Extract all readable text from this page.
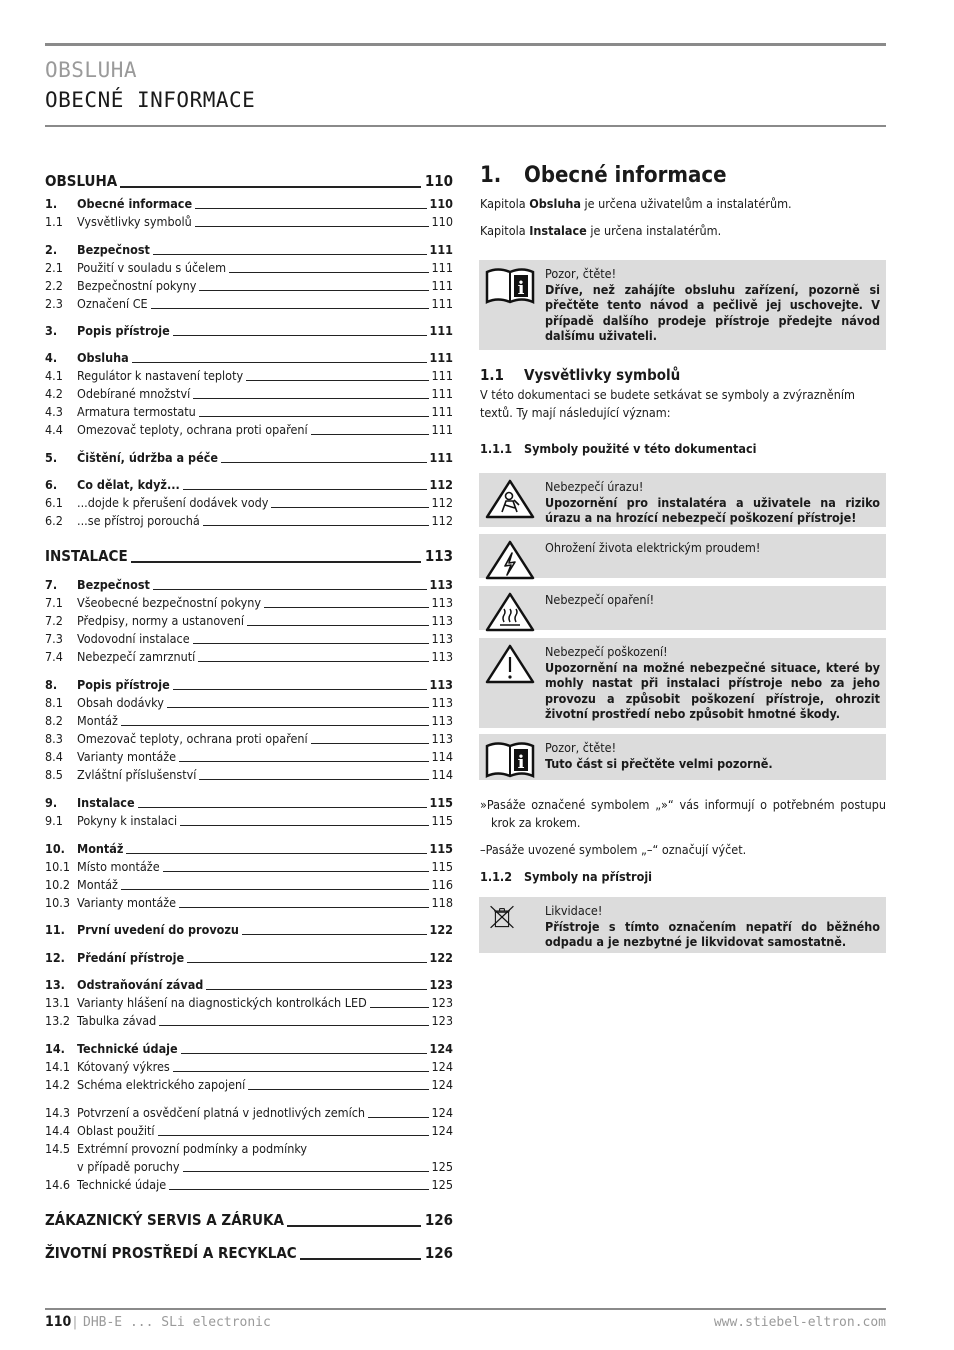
OBSLUHA
OBECNÉ INFORMACE
OBSLUHA	110
1.	Obecné informace	110
1.1	Vysvětlivky symbolů	110
2.	Bezpečnost	111
2.1	Použití v souladu s účelem	111
2.2	Bezpečnostní pokyny	111
2.3	Označení CE	111
3.	Popis přístroje	111
4.	Obsluha	111
4.1	Regulátor k nastavení teploty	111
4.2	Odebírané množství	111
4.3	Armatura termostatu	111
4.4	Omezovač teploty, ochrana proti opaření	111
5.	Čištění, údržba a péče	111
6.	Co dělat, když...	112
6.1	...dojde k přerušení dodávek vody	112
6.2	...se přístroj porouchá	112
INSTALACE	113
7.	Bezpečnost	113
7.1	Všeobecné bezpečnostní pokyny	113
7.2	Předpisy, normy a ustanovení	113
7.3	Vodovodní instalace	113
7.4	Nebezpečí zamrznutí	113
8.	Popis přístroje	113
8.1	Obsah dodávky	113
8.2	Montáž	113
8.3	Omezovač teploty, ochrana proti opaření	113
8.4	Varianty montáže	114
8.5	Zvláštní příslušenství	114
9.	Instalace	115
9.1	Pokyny k instalaci	115
10. Montáž	115
10.1 Místo montáže	115
10.2 Montáž	116
10.3 Varianty montáže	118
11. První uvedení do provozu	122
12. Předání přístroje	122
13. Odstraňování závad	123
13.1 Varianty hlášení na diagnostických kontrolkách LED	123
13.2 Tabulka závad	123
14. Technické údaje	124
14.1 Kótovaný výkres	124
14.2 Schéma elektrického zapojení	124
14.3 Potvrzení a osvědčení platná v jednotlivých zemích	124
14.4 Oblast použití	124
14.5 Extrémní provozní podmínky a podmínky
v případě poruchy	125
14.6 Technické údaje	125
ZÁKAZNICKÝ SERVIS A ZÁRUKA	126
ŽIVOTNÍ PROSTŘEDÍ A RECYKLAC	126
1. Obecné informace
Kapitola Obsluha je určena uživatelům a instalatérům.
Kapitola Instalace je určena instalatérům.
i
Pozor, čtěte!
Dříve, než zahájíte obsluhu zařízení, pozorně si přečtěte tento návod a pečlivě jej uschovejte. V případě dalšího prodeje přístroje předejte návod dalšímu uživateli.
1.1 Vysvětlivky symbolů
V této dokumentaci se budete setkávat se symboly a zvýrazněním textů. Ty mají následující význam:
1.1.1 Symboly použité v této dokumentaci
Nebezpečí úrazu!
Upozornění pro instalatéra a uživatele na riziko úrazu a na hrozící nebezpečí poškození přístroje!
Ohrožení života elektrickým proudem!
Nebezpečí opaření!
Nebezpečí poškození!
Upozornění na možné nebezpečné situace, které by mohly nastat při instalaci přístroje nebo za jeho provozu a způsobit poškození přístroje, ohrozit životní prostředí nebo způsobit hmotné škody.
i
Pozor, čtěte!
Tuto část si přečtěte velmi pozorně.
»Pasáže označené symbolem „»“ vás informují o potřebném postupu krok za krokem.
–Pasáže uvozené symbolem „–“ označují výčet.
1.1.2 Symboly na přístroji
Likvidace!
Přístroje s tímto označením nepatří do běžného odpadu a je nezbytné je likvidovat samostatně.
110 | DHB-E ... SLi electronic	www.stiebel-eltron.com
